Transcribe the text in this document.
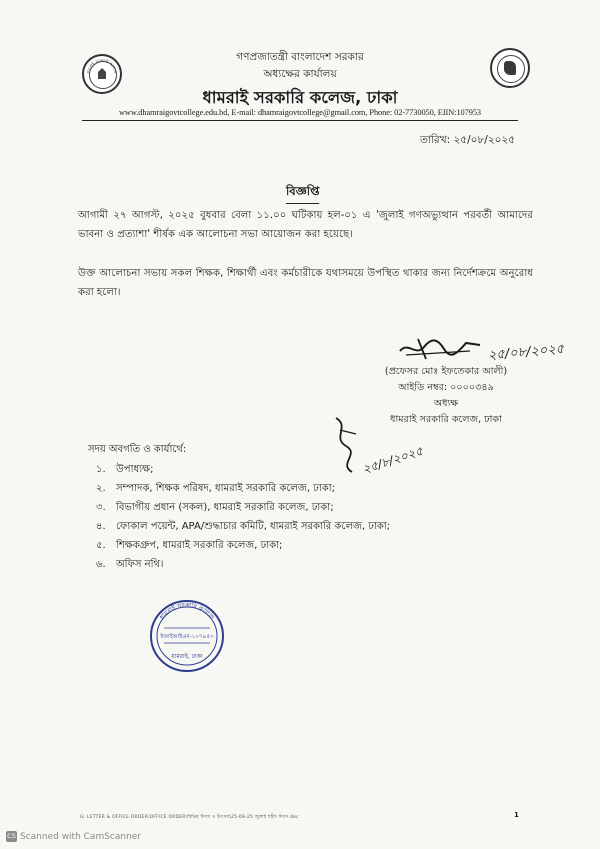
ধামরাই সরকারি কলেজ
গণপ্রজাতন্ত্রী বাংলাদেশ সরকার
অধ্যক্ষের কার্যালয়
ধামরাই সরকারি কলেজ, ঢাকা
www.dhamraigovtcollege.edu.bd, E-mail: dhamraigovtcollege@gmail.com, Phone: 02-7730050, EIIN:107953
তারিখ: ২৫/০৮/২০২৫
বিজ্ঞপ্তি
আগামী ২৭ আগস্ট, ২০২৫ বুধবার বেলা ১১.০০ ঘটিকায় হল-০১ এ 'জুলাই গণঅভ্যুত্থান পরবর্তী আমাদের ভাবনা ও প্রত্যাশা' শীর্ষক এক আলোচনা সভা আয়োজন করা হয়েছে।
উক্ত আলোচনা সভায় সকল শিক্ষক, শিক্ষার্থী এবং কর্মচারীকে যথাসময়ে উপস্থিত থাকার জন্য নির্দেশক্রমে অনুরোধ করা হলো।
২৫/০৮/২০২৫
(প্রফেসর মোঃ ইফতেকার আলী)
আইডি নম্বর: ০০০০৩৪৯
অধ্যক্ষ
ধামরাই সরকারি কলেজ, ঢাকা
২৫/৮/২০২৫
সদয় অবগতি ও কার্যার্থে:
১. উপাধ্যক্ষ;
২. সম্পাদক, শিক্ষক পরিষদ, ধামরাই সরকারি কলেজ, ঢাকা;
৩. বিভাগীয় প্রধান (সকল), ধামরাই সরকারি কলেজ, ঢাকা;
৪. ফোকাল পয়েন্ট, APA/শুদ্ধাচার কমিটি, ধামরাই সরকারি কলেজ, ঢাকা;
৫. শিক্ষকগ্রুপ, ধামরাই সরকারি কলেজ, ঢাকা;
৬. অফিস নথি।
ধামরাই সরকারি কলেজ
ইআইআইএন-১০৭৯৫৩
ধামরাই, ঢাকা
G: LETTER & OFFICE ORDER\OFFICE ORDER\বিভিন্ন দিবস ও উৎসব\25-08-25 জুলাই শহীদ দিবস.doc	1
CS Scanned with CamScanner
